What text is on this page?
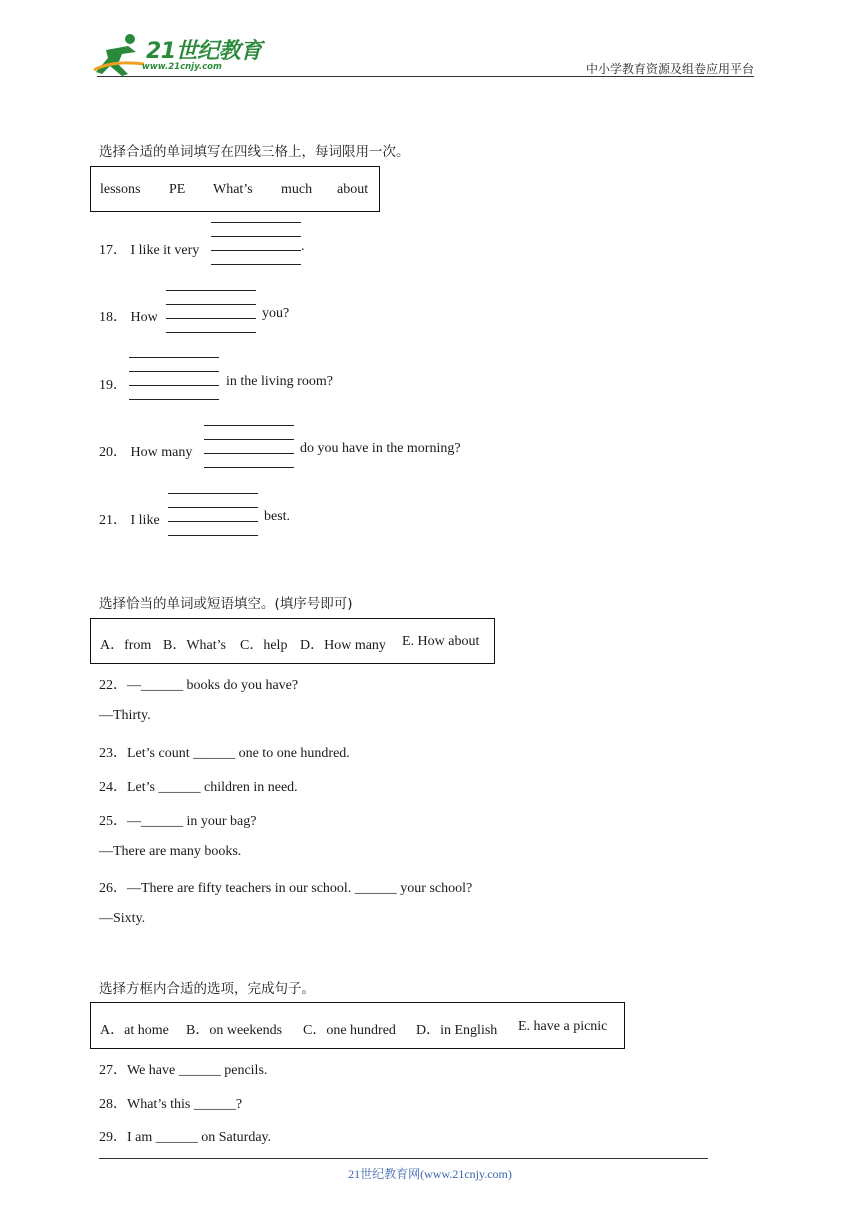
21世纪教育
www.21cnjy.com	中小学教育资源及组卷应用平台
选择合适的单词填写在四线三格上，每词限用一次。
lessons PE What’s much about
17． I like it very	.
18． How	you?
19．	in the living room?
20． How many	do you have in the morning?
21． I like	best.
选择恰当的单词或短语填空。(填序号即可)
A．from B．What’s C．help D．How many E. How about
22．—______ books do you have?
—Thirty.
23．Let’s count ______ one to one hundred.
24．Let’s ______ children in need.
25．—______ in your bag?
—There are many books.
26．—There are fifty teachers in our school. ______ your school?
—Sixty.
选择方框内合适的选项，完成句子。
A．at home B．on weekends C．one hundred D．in English E. have a picnic
27．We have ______ pencils.
28．What’s this ______?
29．I am ______ on Saturday.
21世纪教育网(www.21cnjy.com)
